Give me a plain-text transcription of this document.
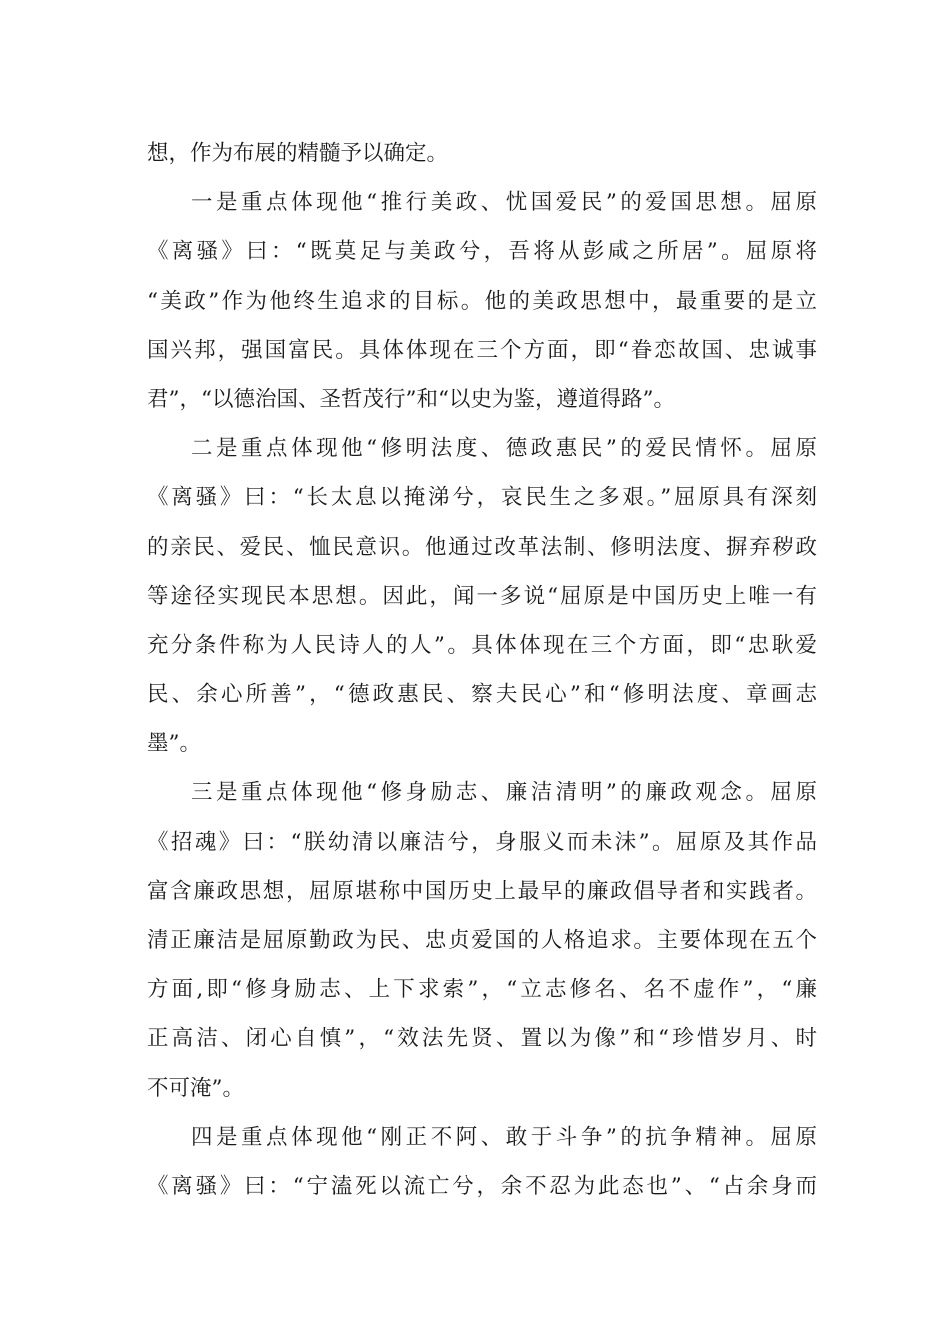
想，作为布展的精髓予以确定。
一是重点体现他“推行美政、忧国爱民”的爱国思想。屈原
《离骚》曰：“既莫足与美政兮，吾将从彭咸之所居”。屈原将
“美政”作为他终生追求的目标。他的美政思想中，最重要的是立
国兴邦，强国富民。具体体现在三个方面，即“眷恋故国、忠诚事
君”，“以德治国、圣哲茂行”和“以史为鉴，遵道得路”。
二是重点体现他“修明法度、德政惠民”的爱民情怀。屈原
《离骚》曰：“长太息以掩涕兮，哀民生之多艰。”屈原具有深刻
的亲民、爱民、恤民意识。他通过改革法制、修明法度、摒弃秽政
等途径实现民本思想。因此，闻一多说“屈原是中国历史上唯一有
充分条件称为人民诗人的人”。具体体现在三个方面，即“忠耿爱
民、余心所善”，“德政惠民、察夫民心”和“修明法度、章画志
墨”。
三是重点体现他“修身励志、廉洁清明”的廉政观念。屈原
《招魂》曰：“朕幼清以廉洁兮，身服义而未沬”。屈原及其作品
富含廉政思想，屈原堪称中国历史上最早的廉政倡导者和实践者。
清正廉洁是屈原勤政为民、忠贞爱国的人格追求。主要体现在五个
方面,即“修身励志、上下求索”，“立志修名、名不虚作”，“廉
正高洁、闭心自慎”，“效法先贤、置以为像”和“珍惜岁月、时
不可淹”。
四是重点体现他“刚正不阿、敢于斗争”的抗争精神。屈原
《离骚》曰：“宁溘死以流亡兮，余不忍为此态也”、“占余身而
